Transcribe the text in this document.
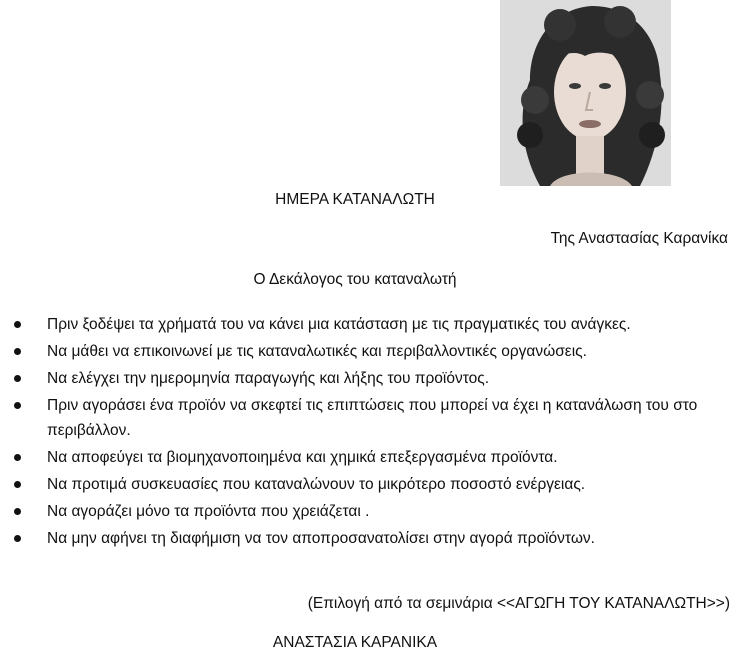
ΗΜΕΡΑ ΚΑΤΑΝΑΛΩΤΗ
Της Αναστασίας Καρανίκα
Ο Δεκάλογος του καταναλωτή
Πριν ξοδέψει τα χρήματά του να κάνει μια κατάσταση με τις πραγματικές του ανάγκες.
Να μάθει να επικοινωνεί με τις καταναλωτικές και περιβαλλοντικές οργανώσεις.
Να ελέγχει την ημερομηνία παραγωγής και λήξης του προϊόντος.
Πριν αγοράσει ένα προϊόν να σκεφτεί τις επιπτώσεις που μπορεί να έχει η κατανάλωση του στο περιβάλλον.
Να αποφεύγει τα βιομηχανοποιημένα και χημικά επεξεργασμένα προϊόντα.
Να προτιμά συσκευασίες που καταναλώνουν το μικρότερο ποσοστό ενέργειας.
Να αγοράζει μόνο τα προϊόντα που χρειάζεται .
Να μην αφήνει τη διαφήμιση να τον αποπροσανατολίσει στην αγορά προϊόντων.
(Επιλογή από τα σεμινάρια <<ΑΓΩΓΗ ΤΟΥ ΚΑΤΑΝΑΛΩΤΗ>>)
ΑΝΑΣΤΑΣΙΑ ΚΑΡΑΝΙΚΑ
